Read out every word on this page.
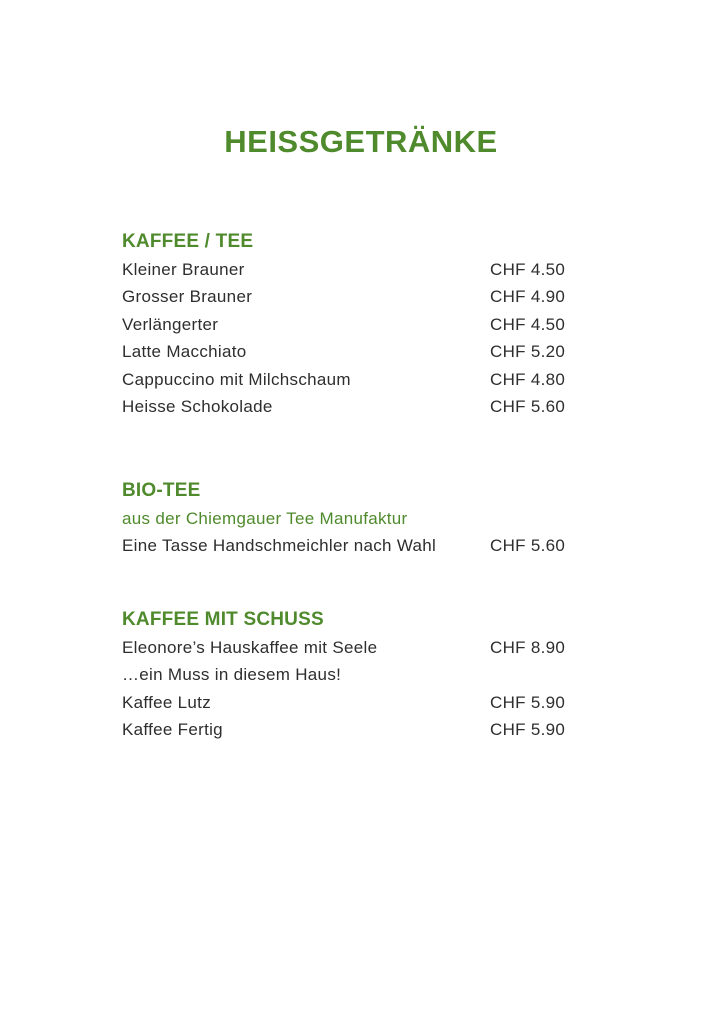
HEISSGETRÄNKE
KAFFEE / TEE
Kleiner Brauner	CHF 4.50
Grosser Brauner	CHF 4.90
Verlängerter	CHF 4.50
Latte Macchiato	CHF 5.20
Cappuccino mit Milchschaum	CHF 4.80
Heisse Schokolade	CHF 5.60
BIO-TEE
aus der Chiemgauer Tee Manufaktur
Eine Tasse Handschmeichler nach Wahl	CHF 5.60
KAFFEE MIT SCHUSS
Eleonore’s Hauskaffee mit Seele	CHF 8.90
…ein Muss in diesem Haus!
Kaffee Lutz	CHF 5.90
Kaffee Fertig	CHF 5.90
